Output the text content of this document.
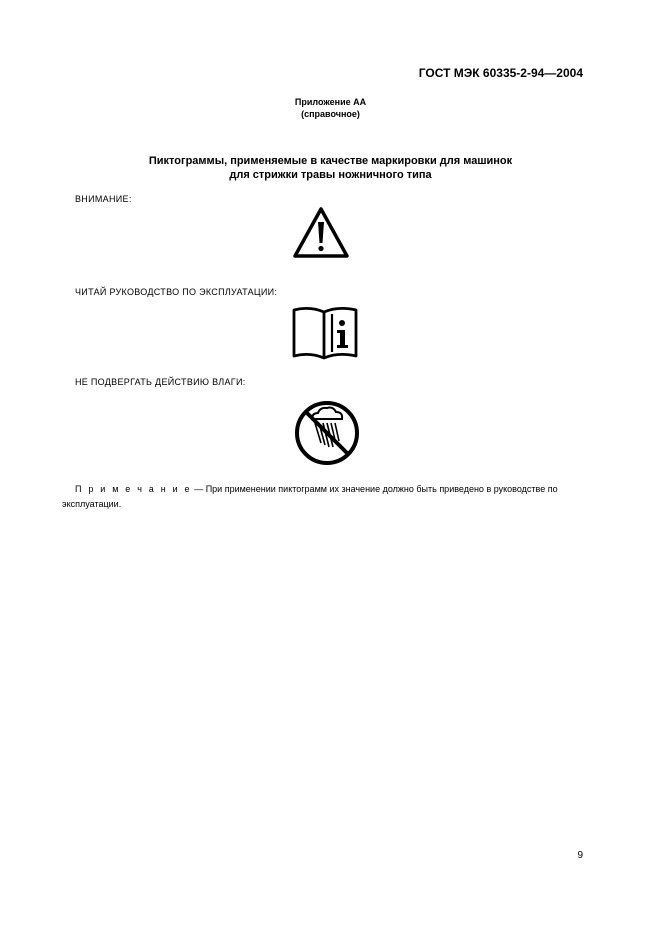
ГОСТ МЭК 60335-2-94—2004
Приложение АА
(справочное)
Пиктограммы, применяемые в качестве маркировки для машинок
для стрижки травы ножничного типа
ВНИМАНИЕ:
ЧИТАЙ РУКОВОДСТВО ПО ЭКСПЛУАТАЦИИ:
НЕ ПОДВЕРГАТЬ ДЕЙСТВИЮ ВЛАГИ:
П р и м е ч а н и е — При применении пиктограмм их значение должно быть приведено в руководстве по эксплуатации.
9
